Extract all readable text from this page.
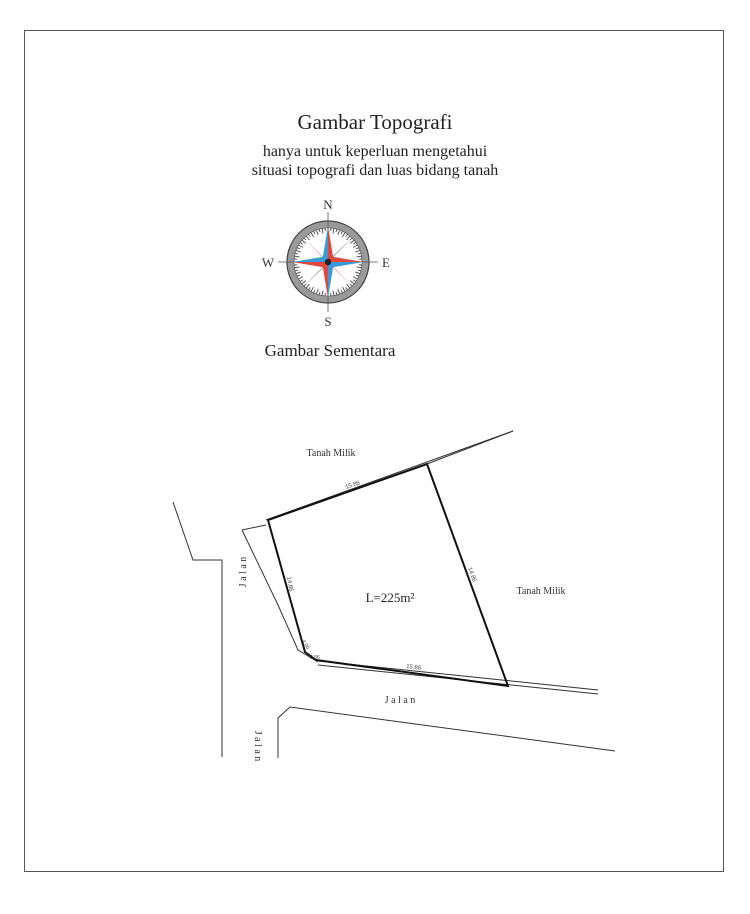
Gambar Topografi
hanya untuk keperluan mengetahui
situasi topografi dan luas bidang tanah
Gambar Sementara
N
S
E
W
15.86
14.86
14.86
15.86
4.00
0.86
L=225m²
Tanah Milik
Tanah Milik
J a l a n
J a l a n
J a l a n
